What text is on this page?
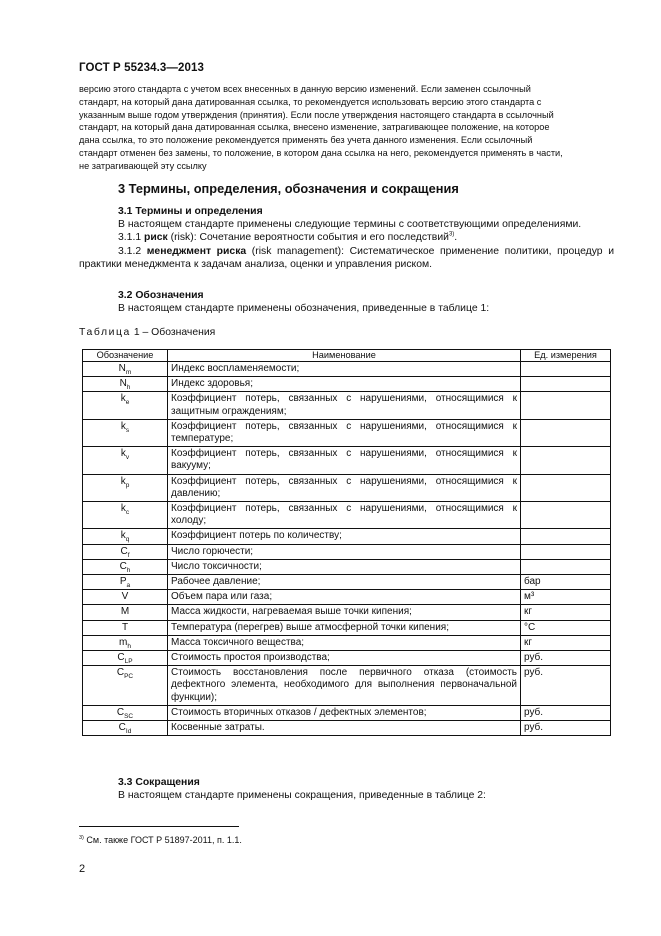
ГОСТ Р 55234.3—2013

версию этого стандарта с учетом всех внесенных в данную версию изменений. Если заменен ссылочный

стандарт, на который дана датированная ссылка, то рекомендуется использовать версию этого стандарта с

указанным выше годом утверждения (принятия). Если после утверждения настоящего стандарта в ссылочный

стандарт, на который дана датированная ссылка, внесено изменение, затрагивающее положение, на которое

дана ссылка, то это положение рекомендуется применять без учета данного изменения. Если ссылочный

стандарт отменен без замены, то положение, в котором дана ссылка на него, рекомендуется применять в части,

не затрагивающей эту ссылку

3 Термины, определения, обозначения и сокращения

3.1 Термины и определения

В настоящем стандарте применены следующие термины с соответствующими определениями.

3.1.1 риск (risk): Сочетание вероятности события и его последствий$^{3)}$.

3.1.2 менеджмент риска (risk management): Систематическое применение политики, процедур и практики менеджмента к задачам анализа, оценки и управления риском.

3.2 Обозначения

В настоящем стандарте применены обозначения, приведенные в таблице 1:

Таблица 1 – Обозначения
Обозначение	Наименование	Ед. измерения
$N_m$	Индекс воспламеняемости;	
$N_h$	Индекс здоровья;	
$k_e$	Коэффициент потерь, связанных с нарушениями, относящимися к защитным ограждениям;	
$k_s$	Коэффициент потерь, связанных с нарушениями, относящимися к температуре;	
$k_v$	Коэффициент потерь, связанных с нарушениями, относящимися к вакууму;	
$k_p$	Коэффициент потерь, связанных с нарушениями, относящимися к давлению;	
$k_c$	Коэффициент потерь, связанных с нарушениями, относящимися к холоду;	
$k_q$	Коэффициент потерь по количеству;	
$C_f$	Число горючести;	
$C_h$	Число токсичности;	
$P_a$	Рабочее давление;	бар
V	Объем пара или газа;	м³
M	Масса жидкости, нагреваемая выше точки кипения;	кг
T	Температура (перегрев) выше атмосферной точки кипения;	°C
$m_h$	Масса токсичного вещества;	кг
$C_{LP}$	Стоимость простоя производства;	руб.
$C_{PC}$	Стоимость восстановления после первичного отказа (стоимость дефектного элемента, необходимого для выполнения первоначальной функции);	руб.
$C_{SC}$	Стоимость вторичных отказов / дефектных элементов;	руб.
$C_{Id}$	Косвенные затраты.	руб.

3.3 Сокращения

В настоящем стандарте применены сокращения, приведенные в таблице 2:

$^{3)}$ См. также ГОСТ Р 51897-2011, п. 1.1.
2
